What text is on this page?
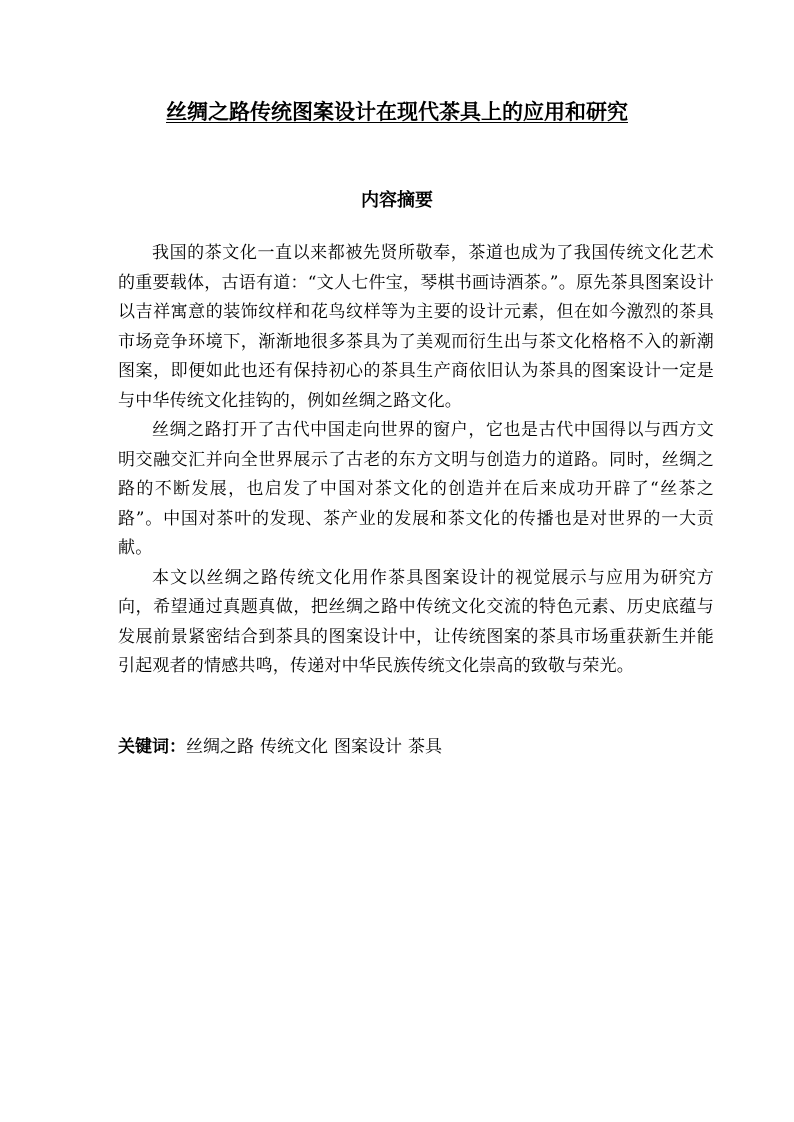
丝绸之路传统图案设计在现代茶具上的应用和研究
内容摘要

我国的茶文化一直以来都被先贤所敬奉，茶道也成为了我国传统文化艺术的重要载体，古语有道：“文人七件宝，琴棋书画诗酒茶。”。原先茶具图案设计以吉祥寓意的装饰纹样和花鸟纹样等为主要的设计元素，但在如今激烈的茶具市场竞争环境下，渐渐地很多茶具为了美观而衍生出与茶文化格格不入的新潮图案，即便如此也还有保持初心的茶具生产商依旧认为茶具的图案设计一定是与中华传统文化挂钩的，例如丝绸之路文化。

丝绸之路打开了古代中国走向世界的窗户，它也是古代中国得以与西方文明交融交汇并向全世界展示了古老的东方文明与创造力的道路。同时，丝绸之路的不断发展，也启发了中国对茶文化的创造并在后来成功开辟了“丝茶之路”。中国对茶叶的发现、茶产业的发展和茶文化的传播也是对世界的一大贡献。

本文以丝绸之路传统文化用作茶具图案设计的视觉展示与应用为研究方向，希望通过真题真做，把丝绸之路中传统文化交流的特色元素、历史底蕴与发展前景紧密结合到茶具的图案设计中，让传统图案的茶具市场重获新生并能引起观者的情感共鸣，传递对中华民族传统文化崇高的致敬与荣光。

关键词：丝绸之路 传统文化 图案设计 茶具
